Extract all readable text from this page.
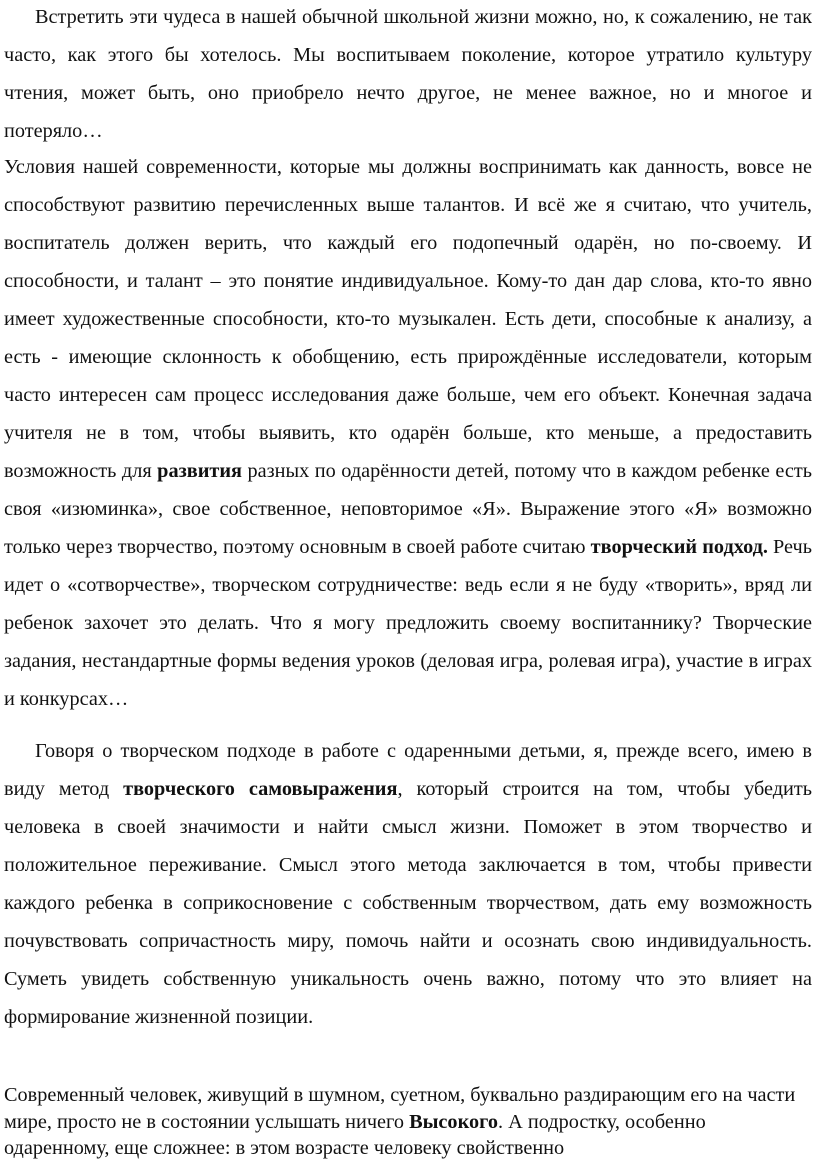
Встретить эти чудеса в нашей обычной школьной жизни можно, но, к сожалению, не так часто, как этого бы хотелось. Мы воспитываем поколение, которое утратило культуру чтения, может быть, оно приобрело нечто другое, не менее важное, но и многое и потеряло…

Условия нашей современности, которые мы должны воспринимать как данность, вовсе не способствуют развитию перечисленных выше талантов. И всё же я считаю, что учитель, воспитатель должен верить, что каждый его подопечный одарён, но по-своему. И способности, и талант – это понятие индивидуальное. Кому-то дан дар слова, кто-то явно имеет художественные способности, кто-то музыкален. Есть дети, способные к анализу, а есть - имеющие склонность к обобщению, есть прирождённые исследователи, которым часто интересен сам процесс исследования даже больше, чем его объект. Конечная задача учителя не в том, чтобы выявить, кто одарён больше, кто меньше, а предоставить возможность для развития разных по одарённости детей, потому что в каждом ребенке есть своя «изюминка», свое собственное, неповторимое «Я». Выражение этого «Я» возможно только через творчество, поэтому основным в своей работе считаю творческий подход. Речь идет о «сотворчестве», творческом сотрудничестве: ведь если я не буду «творить», вряд ли ребенок захочет это делать. Что я могу предложить своему воспитаннику? Творческие задания, нестандартные формы ведения уроков (деловая игра, ролевая игра), участие в играх и конкурсах…

Говоря о творческом подходе в работе с одаренными детьми, я, прежде всего, имею в виду метод творческого самовыражения, который строится на том, чтобы убедить человека в своей значимости и найти смысл жизни. Поможет в этом творчество и положительное переживание. Смысл этого метода заключается в том, чтобы привести каждого ребенка в соприкосновение с собственным творчеством, дать ему возможность почувствовать сопричастность миру, помочь найти и осознать свою индивидуальность. Суметь увидеть собственную уникальность очень важно, потому что это влияет на формирование жизненной позиции.

Современный человек, живущий в шумном, суетном, буквально раздирающим его на части мире, просто не в состоянии услышать ничего Высокого. А подростку, особенно одаренному, еще сложнее: в этом возрасте человеку свойственно
